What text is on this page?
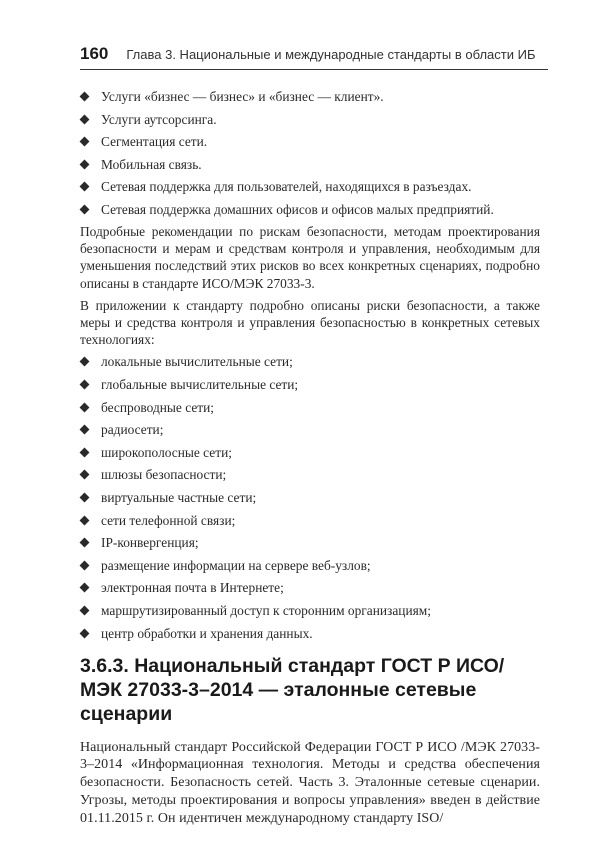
160 Глава 3. Национальные и международные стандарты в области ИБ
Услуги «бизнес — бизнес» и «бизнес — клиент».
Услуги аутсорсинга.
Сегментация сети.
Мобильная связь.
Сетевая поддержка для пользователей, находящихся в разъездах.
Сетевая поддержка домашних офисов и офисов малых предприятий.

Подробные рекомендации по рискам безопасности, методам проектирования безопасности и мерам и средствам контроля и управления, необходимым для уменьшения последствий этих рисков во всех конкретных сценариях, подробно описаны в стандарте ИСО/МЭК 27033-3.

В приложении к стандарту подробно описаны риски безопасности, а также меры и средства контроля и управления безопасностью в конкретных сетевых технологиях:

локальные вычислительные сети;
глобальные вычислительные сети;
беспроводные сети;
радиосети;
широкополосные сети;
шлюзы безопасности;
виртуальные частные сети;
сети телефонной связи;
IP-конвергенция;
размещение информации на сервере веб-узлов;
электронная почта в Интернете;
маршрутизированный доступ к сторонним организациям;
центр обработки и хранения данных.
3.6.3. Национальный стандарт ГОСТ Р ИСО/МЭК 27033-3–2014 — эталонные сетевые сценарии

Национальный стандарт Российской Федерации ГОСТ Р ИСО /МЭК 27033-3–2014 «Информационная технология. Методы и средства обеспечения безопасности. Безопасность сетей. Часть 3. Эталонные сетевые сценарии. Угрозы, методы проектирования и вопросы управления» введен в действие 01.11.2015 г. Он идентичен международному стандарту ISO/
